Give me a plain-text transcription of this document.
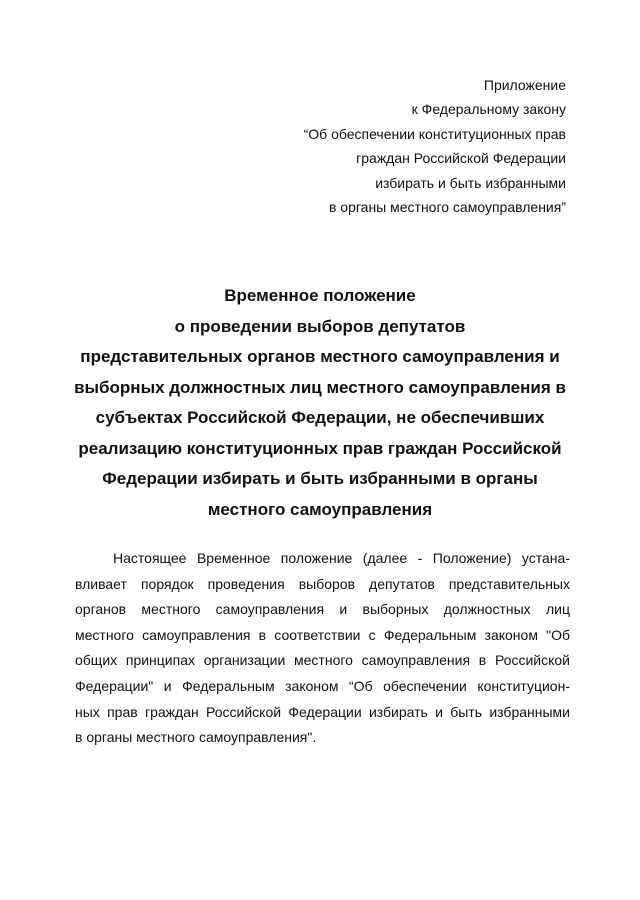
Приложение
к Федеральному закону
“Об обеспечении конституционных прав
граждан Российской Федерации
избирать и быть избранными
в органы местного самоуправления”
Временное положение
о проведении выборов депутатов
представительных органов местного самоуправления и
выборных должностных лиц местного самоуправления в
субъектах Российской Федерации, не обеспечивших
реализацию конституционных прав граждан Российской
Федерации избирать и быть избранными в органы
местного самоуправления
Настоящее Временное положение (далее - Положение) устана-
вливает порядок проведения выборов депутатов представительных
органов местного самоуправления и выборных должностных лиц
местного самоуправления в соответствии с Федеральным законом "Об
общих принципах организации местного самоуправления в Российской
Федерации" и Федеральным законом “Об обеспечении конституцион-
ных прав граждан Российской Федерации избирать и быть избранными
в органы местного самоуправления".
